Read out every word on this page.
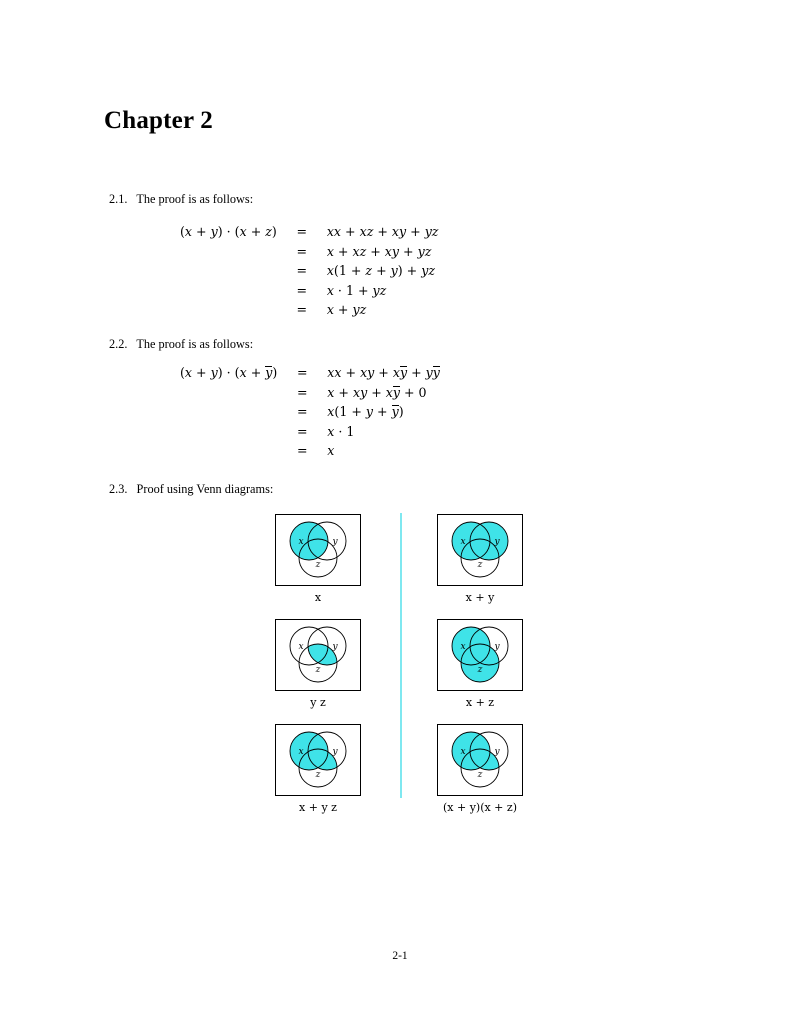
Chapter 2
2.1. The proof is as follows:
(x + y) · (x + z)	=	xx + xz + xy + yz
	=	x + xz + xy + yz
	=	x(1 + z + y) + yz
	=	x · 1 + yz
	=	x + yz
2.2. The proof is as follows:
(x + y) · (x + y)	=	xx + xy + xy + yy
	=	x + xy + xy + 0
	=	x(1 + y + y)
	=	x · 1
	=	x
2.3. Proof using Venn diagrams:
x	y
z
x
x	y
z
x + y
x	y
z
y z
x	y
z
x + z
x	y
z
x + y z
x	y
z
(x + y)(x + z)
2-1
